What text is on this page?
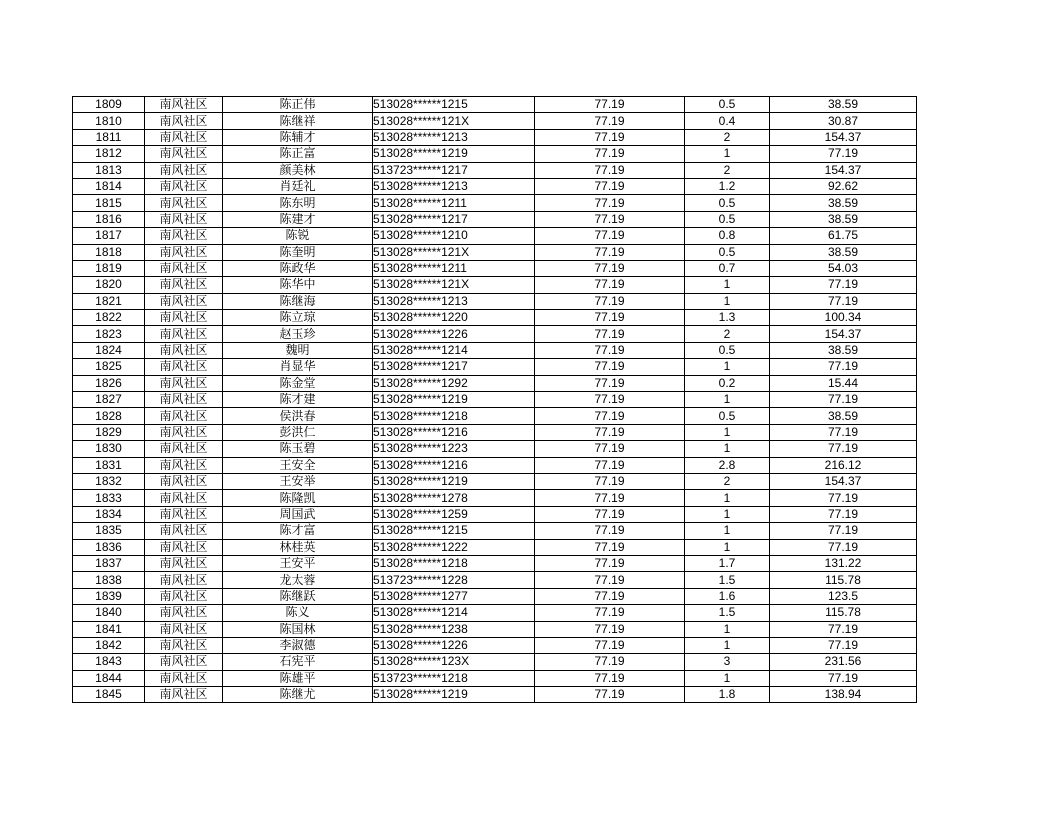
1809	南风社区	陈正伟	513028******1215	77.19	0.5	38.59
1810	南风社区	陈继祥	513028******121X	77.19	0.4	30.87
1811	南风社区	陈辅才	513028******1213	77.19	2	154.37
1812	南风社区	陈正富	513028******1219	77.19	1	77.19
1813	南风社区	颜美林	513723******1217	77.19	2	154.37
1814	南风社区	肖廷礼	513028******1213	77.19	1.2	92.62
1815	南风社区	陈东明	513028******1211	77.19	0.5	38.59
1816	南风社区	陈建才	513028******1217	77.19	0.5	38.59
1817	南风社区	陈锐	513028******1210	77.19	0.8	61.75
1818	南风社区	陈奎明	513028******121X	77.19	0.5	38.59
1819	南风社区	陈政华	513028******1211	77.19	0.7	54.03
1820	南风社区	陈华中	513028******121X	77.19	1	77.19
1821	南风社区	陈继海	513028******1213	77.19	1	77.19
1822	南风社区	陈立琼	513028******1220	77.19	1.3	100.34
1823	南风社区	赵玉珍	513028******1226	77.19	2	154.37
1824	南风社区	魏明	513028******1214	77.19	0.5	38.59
1825	南风社区	肖显华	513028******1217	77.19	1	77.19
1826	南风社区	陈金堂	513028******1292	77.19	0.2	15.44
1827	南风社区	陈才建	513028******1219	77.19	1	77.19
1828	南风社区	侯洪春	513028******1218	77.19	0.5	38.59
1829	南风社区	彭洪仁	513028******1216	77.19	1	77.19
1830	南风社区	陈玉碧	513028******1223	77.19	1	77.19
1831	南风社区	王安全	513028******1216	77.19	2.8	216.12
1832	南风社区	王安举	513028******1219	77.19	2	154.37
1833	南风社区	陈隆凯	513028******1278	77.19	1	77.19
1834	南风社区	周国武	513028******1259	77.19	1	77.19
1835	南风社区	陈才富	513028******1215	77.19	1	77.19
1836	南风社区	林桂英	513028******1222	77.19	1	77.19
1837	南风社区	王安平	513028******1218	77.19	1.7	131.22
1838	南风社区	龙太蓉	513723******1228	77.19	1.5	115.78
1839	南风社区	陈继跃	513028******1277	77.19	1.6	123.5
1840	南风社区	陈义	513028******1214	77.19	1.5	115.78
1841	南风社区	陈国林	513028******1238	77.19	1	77.19
1842	南风社区	李淑德	513028******1226	77.19	1	77.19
1843	南风社区	石宪平	513028******123X	77.19	3	231.56
1844	南风社区	陈雄平	513723******1218	77.19	1	77.19
1845	南风社区	陈继尤	513028******1219	77.19	1.8	138.94
